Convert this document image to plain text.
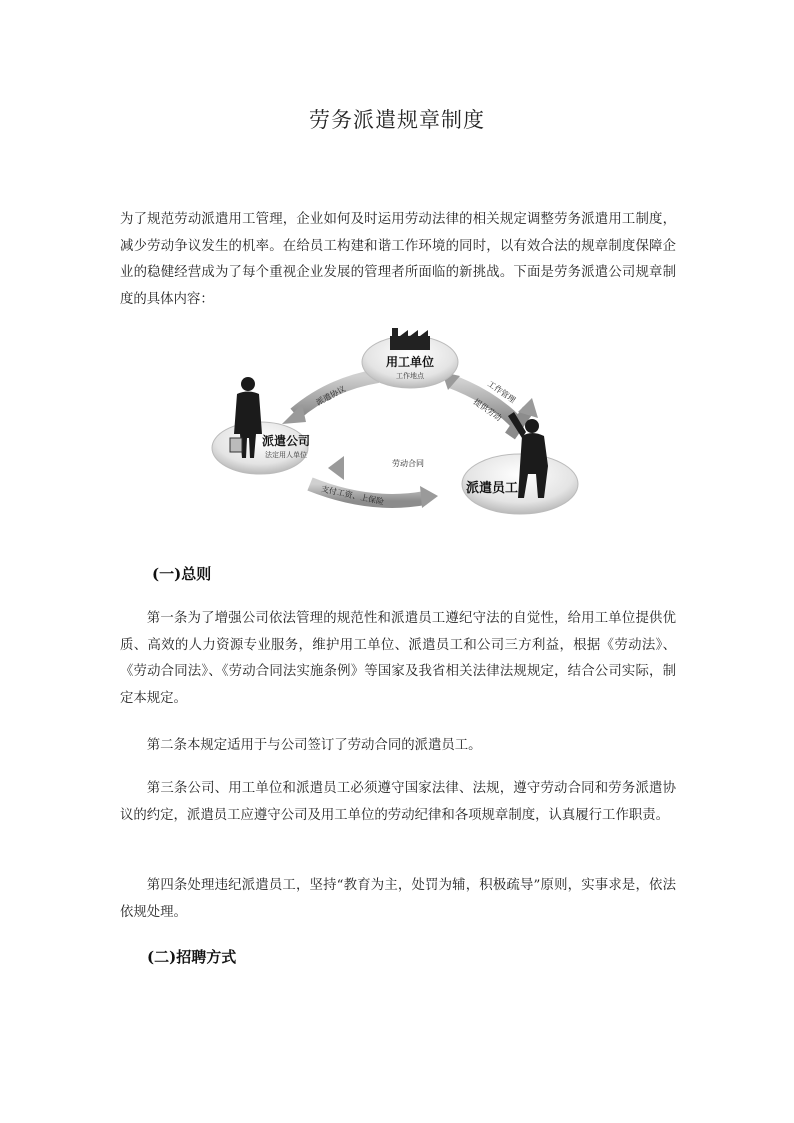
劳务派遣规章制度

为了规范劳动派遣用工管理，企业如何及时运用劳动法律的相关规定调整劳务派遣用工制度，减少劳动争议发生的机率。在给员工构建和谐工作环境的同时，以有效合法的规章制度保障企业的稳健经营成为了每个重视企业发展的管理者所面临的新挑战。下面是劳务派遣公司规章制度的具体内容：

用工单位
工作地点
派遣公司
法定用人单位
派遣员工
派遣协议	工作管理
提供劳动
劳动合同
支付工资、上保险
(一)总则

第一条为了增强公司依法管理的规范性和派遣员工遵纪守法的自觉性，给用工单位提供优质、高效的人力资源专业服务，维护用工单位、派遣员工和公司三方利益，根据《劳动法》、《劳动合同法》、《劳动合同法实施条例》等国家及我省相关法律法规规定，结合公司实际，制定本规定。

第二条本规定适用于与公司签订了劳动合同的派遣员工。

第三条公司、用工单位和派遣员工必须遵守国家法律、法规，遵守劳动合同和劳务派遣协议的约定，派遣员工应遵守公司及用工单位的劳动纪律和各项规章制度，认真履行工作职责。

第四条处理违纪派遣员工，坚持“教育为主，处罚为辅，积极疏导”原则，实事求是，依法依规处理。

(二)招聘方式
